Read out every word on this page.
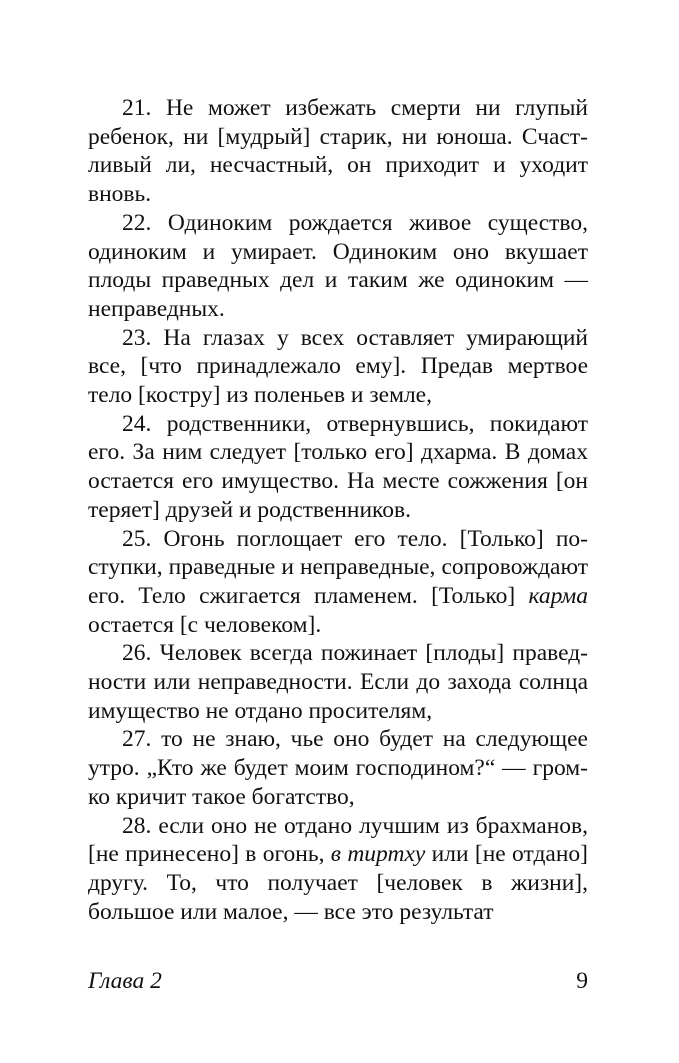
21. Не может избежать смерти ни глупый ребенок, ни [мудрый] старик, ни юноша. Счастливый ли, несчастный, он приходит и уходит вновь.

22. Одиноким рождается живое существо, одиноким и умирает. Одиноким оно вкушает плоды праведных дел и таким же одиноким — неправедных.

23. На глазах у всех оставляет умирающий все, [что принадлежало ему]. Предав мертвое тело [костру] из поленьев и земле,

24. родственники, отвернувшись, покидают его. За ним следует [только его] дхарма. В домах остается его имущество. На месте сожжения [он теряет] друзей и родственников.

25. Огонь поглощает его тело. [Только] поступки, праведные и неправедные, сопровождают его. Тело сжигается пламенем. [Только] карма остается [с человеком].

26. Человек всегда пожинает [плоды] праведности или неправедности. Если до захода солнца имущество не отдано просителям,

27. то не знаю, чье оно будет на следующее утро. „Кто же будет моим господином?“ — громко кричит такое богатство,

28. если оно не отдано лучшим из брахманов, [не принесено] в огонь, в тиртху или [не отдано] другу. То, что получает [человек в жизни], большое или малое, — все это результат

Глава 2	9
